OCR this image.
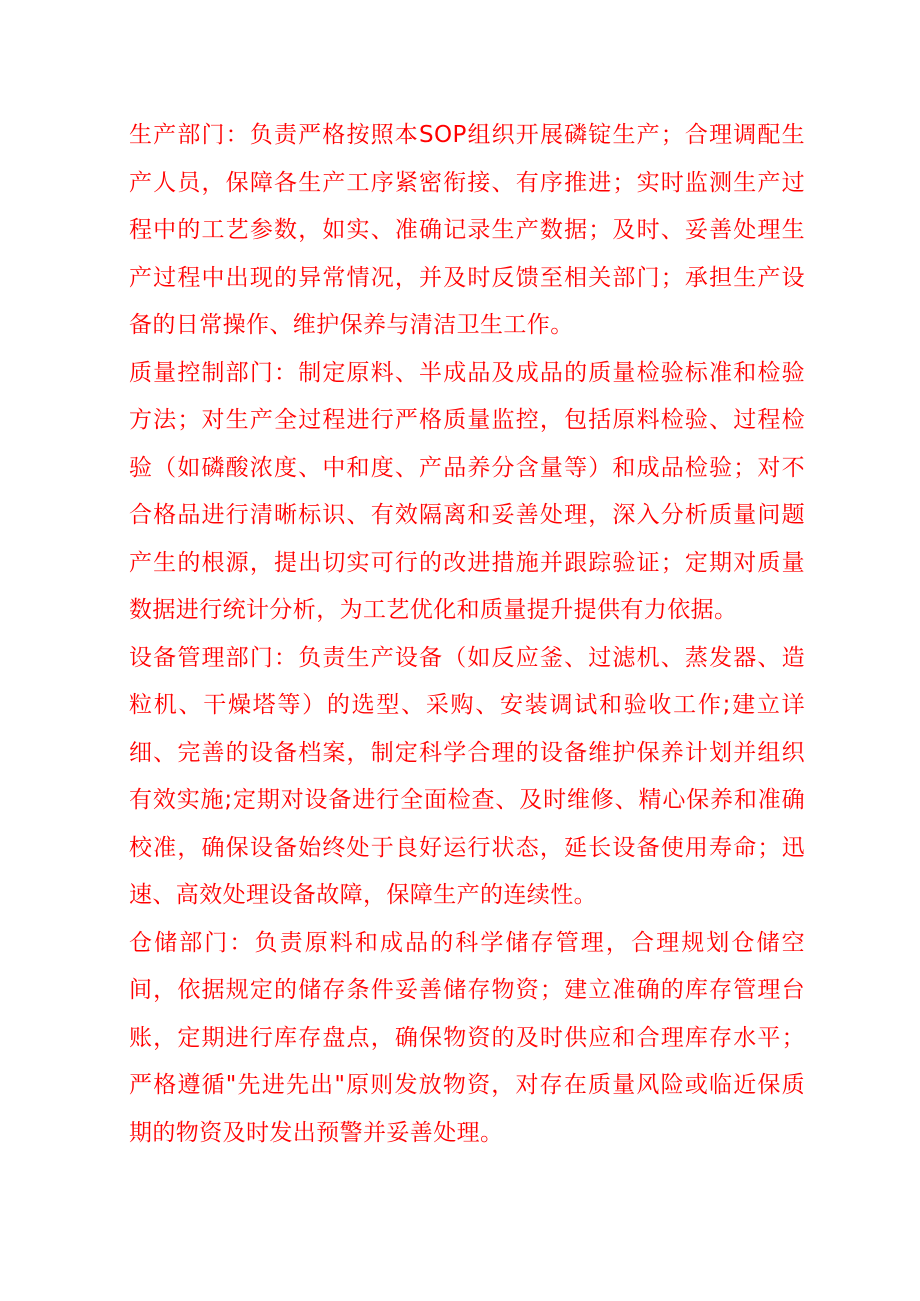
生产部门：负责严格按照本SOP组织开展磷锭生产；合理调配生产人员，保障各生产工序紧密衔接、有序推进；实时监测生产过程中的工艺参数，如实、准确记录生产数据；及时、妥善处理生产过程中出现的异常情况，并及时反馈至相关部门；承担生产设备的日常操作、维护保养与清洁卫生工作。

质量控制部门：制定原料、半成品及成品的质量检验标准和检验方法；对生产全过程进行严格质量监控，包括原料检验、过程检验（如磷酸浓度、中和度、产品养分含量等）和成品检验；对不合格品进行清晰标识、有效隔离和妥善处理，深入分析质量问题产生的根源，提出切实可行的改进措施并跟踪验证；定期对质量数据进行统计分析，为工艺优化和质量提升提供有力依据。

设备管理部门：负责生产设备（如反应釜、过滤机、蒸发器、造粒机、干燥塔等）的选型、采购、安装调试和验收工作;建立详细、完善的设备档案，制定科学合理的设备维护保养计划并组织有效实施;定期对设备进行全面检查、及时维修、精心保养和准确校准，确保设备始终处于良好运行状态，延长设备使用寿命；迅速、高效处理设备故障，保障生产的连续性。

仓储部门：负责原料和成品的科学储存管理，合理规划仓储空间，依据规定的储存条件妥善储存物资；建立准确的库存管理台账，定期进行库存盘点，确保物资的及时供应和合理库存水平；严格遵循"先进先出"原则发放物资，对存在质量风险或临近保质期的物资及时发出预警并妥善处理。
